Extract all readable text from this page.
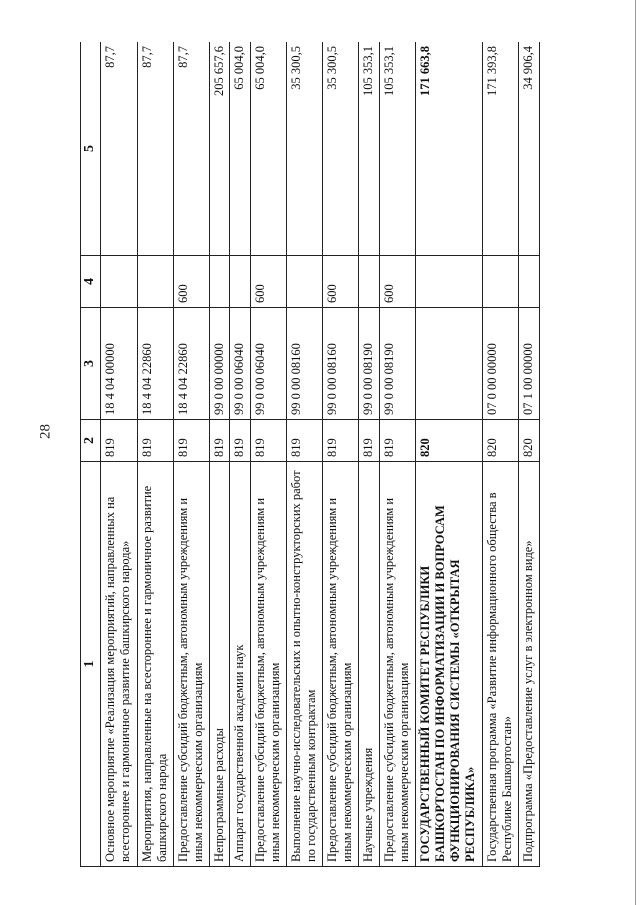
28
1	2	3	4	5
Основное мероприятие «Реализация мероприятий, направленных на всестороннее и гармоничное развитие башкирского народа»	819	18 4 04 00000		87,7
Мероприятия, направленные на всестороннее и гармоничное развитие башкирского народа	819	18 4 04 22860		87,7
Предоставление субсидий бюджетным, автономным учреждениям и иным некоммерческим организациям	819	18 4 04 22860	600	87,7
Непрограммные расходы	819	99 0 00 00000		205 657,6
Аппарат государственной академии наук	819	99 0 00 06040		65 004,0
Предоставление субсидий бюджетным, автономным учреждениям и иным некоммерческим организациям	819	99 0 00 06040	600	65 004,0
Выполнение научно-исследовательских и опытно-конструкторских работ по государственным контрактам	819	99 0 00 08160		35 300,5
Предоставление субсидий бюджетным, автономным учреждениям и иным некоммерческим организациям	819	99 0 00 08160	600	35 300,5
Научные учреждения	819	99 0 00 08190		105 353,1
Предоставление субсидий бюджетным, автономным учреждениям и иным некоммерческим организациям	819	99 0 00 08190	600	105 353,1
ГОСУДАРСТВЕННЫЙ КОМИТЕТ РЕСПУБЛИКИ БАШКОРТОСТАН ПО ИНФОРМАТИЗАЦИИ И ВОПРОСАМ ФУНКЦИОНИРОВАНИЯ СИСТЕМЫ «ОТКРЫТАЯ РЕСПУБЛИКА»	820			171 663,8
Государственная программа «Развитие информационного общества в Республике Башкортостан»	820	07 0 00 00000		171 393,8
Подпрограмма «Предоставление услуг в электронном виде»	820	07 1 00 00000		34 906,4
